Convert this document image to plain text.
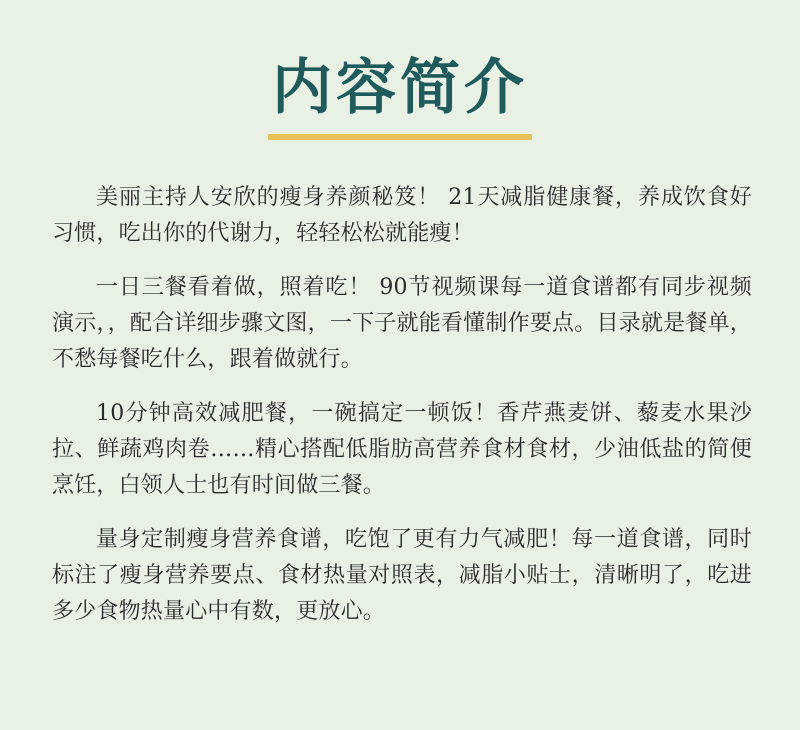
内容简介

美丽主持人安欣的瘦身养颜秘笈！ 21天减脂健康餐，养成饮食好习惯，吃出你的代谢力，轻轻松松就能瘦！

一日三餐看着做，照着吃！ 90节视频课每一道食谱都有同步视频演示，，配合详细步骤文图，一下子就能看懂制作要点。目录就是餐单，不愁每餐吃什么，跟着做就行。

10分钟高效减肥餐，一碗搞定一顿饭！香芹燕麦饼、藜麦水果沙拉、鲜蔬鸡肉卷……精心搭配低脂肪高营养食材食材，少油低盐的简便烹饪，白领人士也有时间做三餐。

量身定制瘦身营养食谱，吃饱了更有力气减肥！每一道食谱，同时标注了瘦身营养要点、食材热量对照表，减脂小贴士，清晰明了，吃进多少食物热量心中有数，更放心。
